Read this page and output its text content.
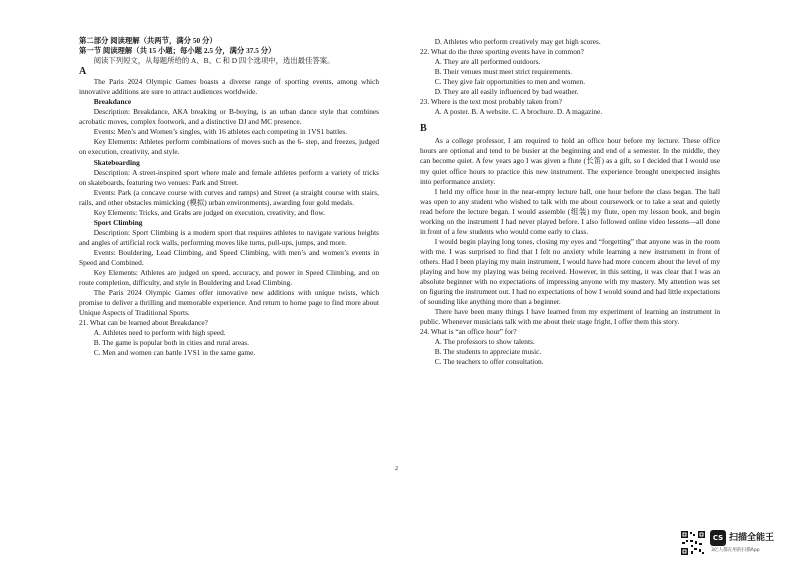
第二部分 阅读理解（共两节，满分 50 分）

第一节 阅读理解（共 15 小题；每小题 2.5 分，满分 37.5 分）

阅读下列短文，从每题所给的 A、B、C 和 D 四个选项中，选出最佳答案。

A

The Paris 2024 Olympic Games boasts a diverse range of sporting events, among which innovative additions are sure to attract audiences worldwide.

Breakdance

Description: Breakdance, AKA breaking or B-boying, is an urban dance style that combines acrobatic moves, complex footwork, and a distinctive DJ and MC presence.

Events: Men’s and Women’s singles, with 16 athletes each competing in 1VS1 battles.

Key Elements: Athletes perform combinations of moves such as the 6- step, and freezes, judged on execution, creativity, and style.

Skateboarding

Description: A street-inspired sport where male and female athletes perform a variety of tricks on skateboards, featuring two venues: Park and Street.

Events: Park (a concave course with curves and ramps) and Street (a straight course with stairs, rails, and other obstacles mimicking (模拟) urban environments), awarding four gold medals.

Key Elements: Tricks, and Grabs are judged on execution, creativity, and flow.

Sport Climbing

Description: Sport Climbing is a modern sport that requires athletes to navigate various heights and angles of artificial rock walls, performing moves like turns, pull-ups, jumps, and more.

Events: Bouldering, Lead Climbing, and Speed Climbing, with men’s and women’s events in Speed and Combined.

Key Elements: Athletes are judged on speed, accuracy, and power in Speed Climbing, and on route completion, difficulty, and style in Bouldering and Lead Climbing.

The Paris 2024 Olympic Games offer innovative new additions with unique twists, which promise to deliver a thrilling and memorable experience. And return to home page to find more about Unique Aspects of Traditional Sports.

21. What can be learned about Breakdance?

A. Athletes need to perform with high speed.

B. The game is popular both in cities and rural areas.

C. Men and women can battle 1VS1 in the same game.

D. Athletes who perform creatively may get high scores.

22. What do the three sporting events have in common?

A. They are all performed outdoors.

B. Their venues must meet strict requirements.

C. They give fair opportunities to men and women.

D. They are all easily influenced by bad weather.

23. Where is the text most probably taken from?

A. A poster. B. A website. C. A brochure. D. A magazine.

B

As a college professor, I am required to hold an office hour before my lecture. These office hours are optional and tend to be busier at the beginning and end of a semester. In the middle, they can become quiet. A few years ago I was given a flute (长笛) as a gift, so I decided that I would use my quiet office hours to practice this new instrument. The experience brought unexpected insights into performance anxiety.

I held my office hour in the near-empty lecture hall, one hour before the class began. The hall was open to any student who wished to talk with me about coursework or to take a seat and quietly read before the lecture began. I would assemble (组装) my flute, open my lesson book, and begin working on the instrument I had never played before. I also followed online video lessons—all done in front of a few students who would come early to class.

I would begin playing long tones, closing my eyes and “forgetting” that anyone was in the room with me. I was surprised to find that I felt no anxiety while learning a new instrument in front of others. Had I been playing my main instrument, I would have had more concern about the level of my playing and how my playing was being received. However, in this setting, it was clear that I was an absolute beginner with no expectations of impressing anyone with my mastery. My attention was set on figuring the instrument out. I had no expectations of how I would sound and had little expectations of sounding like anything more than a beginner.

There have been many things I have learned from my experiment of learning an instrument in public. Whenever musicians talk with me about their stage fright, I offer them this story.

24. What is “an office hour” for?

A. The professors to show talents.

B. The students to appreciate music.

C. The teachers to offer consultation.

2
CS 扫描全能王
3亿人都在用的扫描App
